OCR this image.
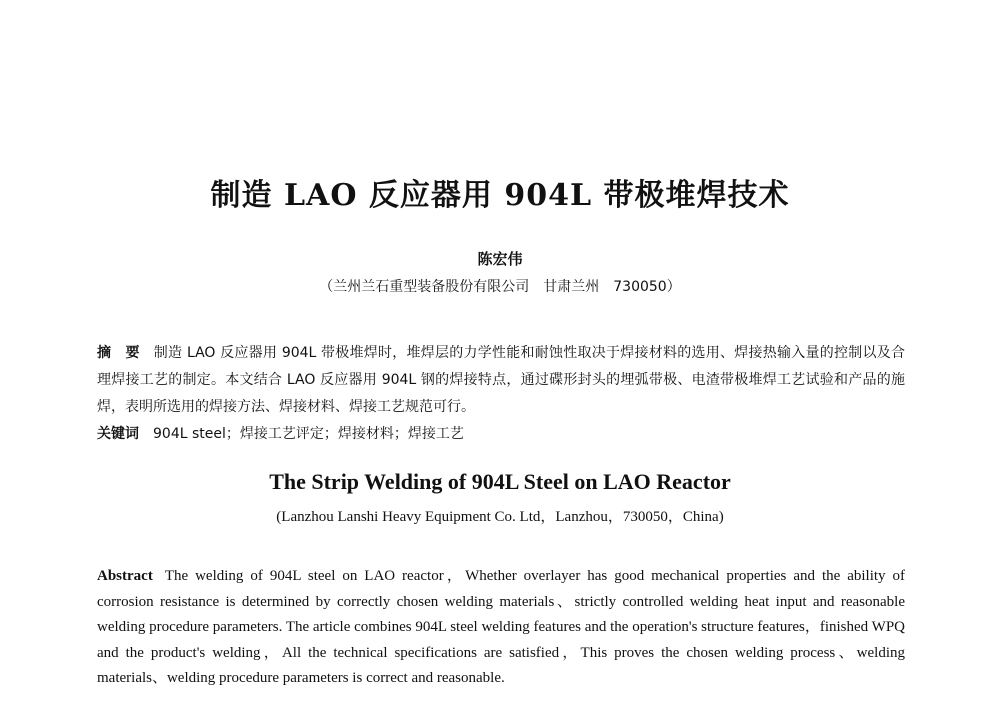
制造 LAO 反应器用 904L 带极堆焊技术
陈宏伟
（兰州兰石重型装备股份有限公司　甘肃兰州　730050）
摘　要 制造 LAO 反应器用 904L 带极堆焊时，堆焊层的力学性能和耐蚀性取决于焊接材料的选用、焊接热输入量的控制以及合理焊接工艺的制定。本文结合 LAO 反应器用 904L 钢的焊接特点，通过碟形封头的埋弧带极、电渣带极堆焊工艺试验和产品的施焊，表明所选用的焊接方法、焊接材料、焊接工艺规范可行。
关键词 904L steel；焊接工艺评定；焊接材料；焊接工艺
The Strip Welding of 904L Steel on LAO Reactor
(Lanzhou Lanshi Heavy Equipment Co. Ltd，Lanzhou，730050，China)
Abstract The welding of 904L steel on LAO reactor，Whether overlayer has good mechanical properties and the ability of corrosion resistance is determined by correctly chosen welding materials、strictly controlled welding heat input and reasonable welding procedure parameters. The article combines 904L steel welding features and the operation's structure features，finished WPQ and the product's welding，All the technical specifications are satisfied，This proves the chosen welding process、welding materials、welding procedure parameters is correct and reasonable.
